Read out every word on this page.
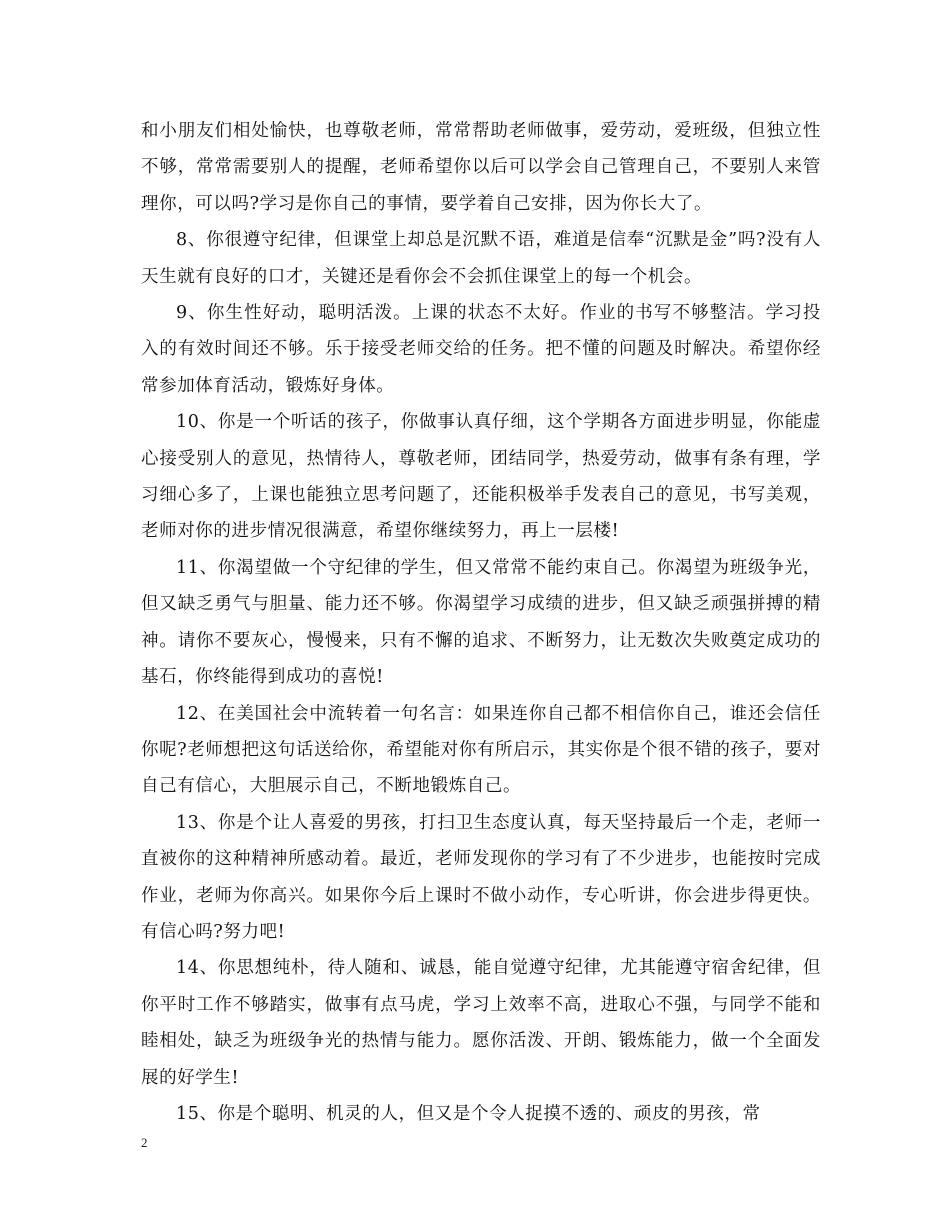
和小朋友们相处愉快，也尊敬老师，常常帮助老师做事，爱劳动，爱班级，但独立性不够，常常需要别人的提醒，老师希望你以后可以学会自己管理自己，不要别人来管理你，可以吗?学习是你自己的事情，要学着自己安排，因为你长大了。

8、你很遵守纪律，但课堂上却总是沉默不语，难道是信奉“沉默是金”吗?没有人天生就有良好的口才，关键还是看你会不会抓住课堂上的每一个机会。

9、你生性好动，聪明活泼。上课的状态不太好。作业的书写不够整洁。学习投入的有效时间还不够。乐于接受老师交给的任务。把不懂的问题及时解决。希望你经常参加体育活动，锻炼好身体。

10、你是一个听话的孩子，你做事认真仔细，这个学期各方面进步明显，你能虚心接受别人的意见，热情待人，尊敬老师，团结同学，热爱劳动，做事有条有理，学习细心多了，上课也能独立思考问题了，还能积极举手发表自己的意见，书写美观，老师对你的进步情况很满意，希望你继续努力，再上一层楼!

11、你渴望做一个守纪律的学生，但又常常不能约束自己。你渴望为班级争光，但又缺乏勇气与胆量、能力还不够。你渴望学习成绩的进步，但又缺乏顽强拼搏的精神。请你不要灰心，慢慢来，只有不懈的追求、不断努力，让无数次失败奠定成功的基石，你终能得到成功的喜悦!

12、在美国社会中流转着一句名言：如果连你自己都不相信你自己，谁还会信任你呢?老师想把这句话送给你，希望能对你有所启示，其实你是个很不错的孩子，要对自己有信心，大胆展示自己，不断地锻炼自己。

13、你是个让人喜爱的男孩，打扫卫生态度认真，每天坚持最后一个走，老师一直被你的这种精神所感动着。最近，老师发现你的学习有了不少进步，也能按时完成作业，老师为你高兴。如果你今后上课时不做小动作，专心听讲，你会进步得更快。有信心吗?努力吧!

14、你思想纯朴，待人随和、诚恳，能自觉遵守纪律，尤其能遵守宿舍纪律，但你平时工作不够踏实，做事有点马虎，学习上效率不高，进取心不强，与同学不能和睦相处，缺乏为班级争光的热情与能力。愿你活泼、开朗、锻炼能力，做一个全面发展的好学生!

15、你是个聪明、机灵的人，但又是个令人捉摸不透的、顽皮的男孩，常

2
